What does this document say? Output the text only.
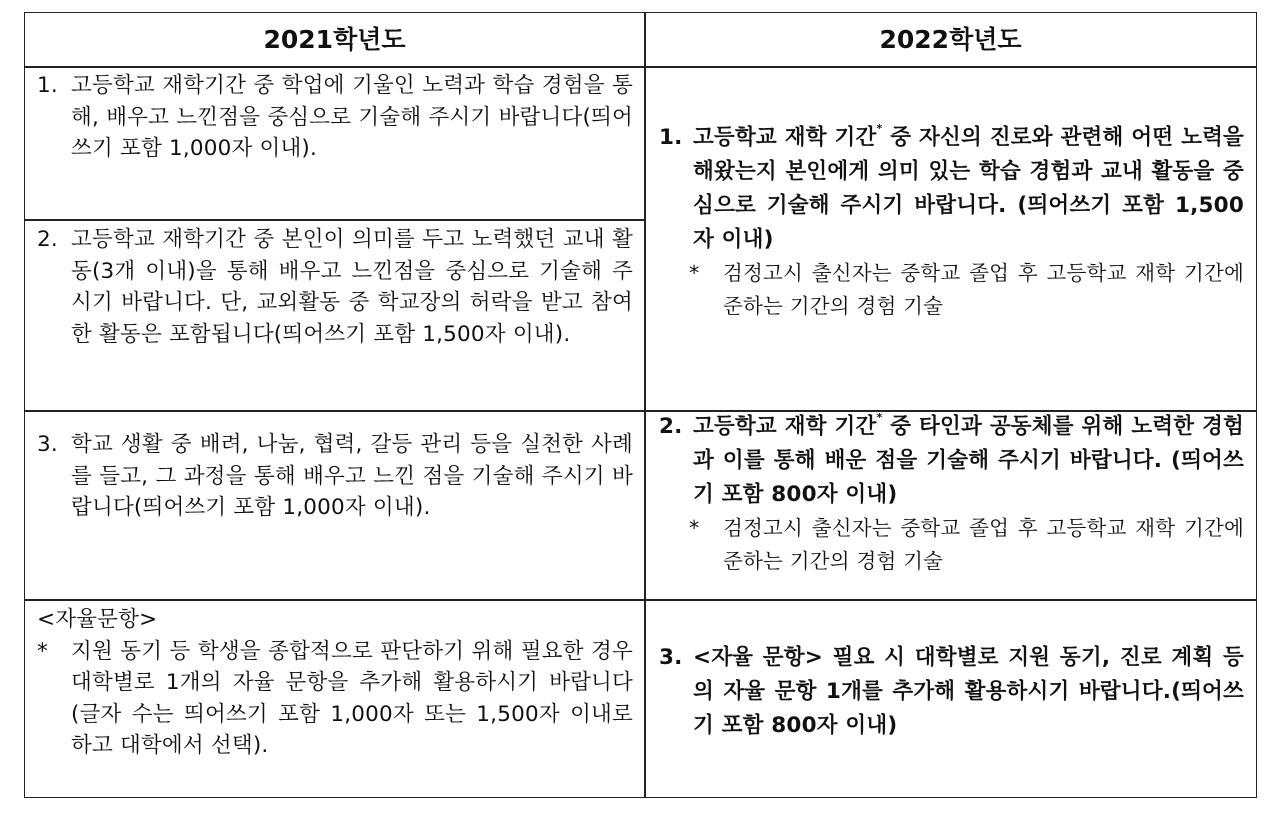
2021학년도	2022학년도
1. 고등학교 재학기간 중 학업에 기울인 노력과 학습 경험을 통해, 배우고 느낀점을 중심으로 기술해 주시기 바랍니다(띄어쓰기 포함 1,000자 이내).
2. 고등학교 재학기간 중 본인이 의미를 두고 노력했던 교내 활동(3개 이내)을 통해 배우고 느낀점을 중심으로 기술해 주시기 바랍니다. 단, 교외활동 중 학교장의 허락을 받고 참여한 활동은 포함됩니다(띄어쓰기 포함 1,500자 이내).
3. 학교 생활 중 배려, 나눔, 협력, 갈등 관리 등을 실천한 사례를 들고, 그 과정을 통해 배우고 느낀 점을 기술해 주시기 바랍니다(띄어쓰기 포함 1,000자 이내).
<자율문항>
* 지원 동기 등 학생을 종합적으로 판단하기 위해 필요한 경우 대학별로 1개의 자율 문항을 추가해 활용하시기 바랍니다(글자 수는 띄어쓰기 포함 1,000자 또는 1,500자 이내로 하고 대학에서 선택).
1. 고등학교 재학 기간* 중 자신의 진로와 관련해 어떤 노력을 해왔는지 본인에게 의미 있는 학습 경험과 교내 활동을 중심으로 기술해 주시기 바랍니다. (띄어쓰기 포함 1,500자 이내)
* 검정고시 출신자는 중학교 졸업 후 고등학교 재학 기간에 준하는 기간의 경험 기술
2. 고등학교 재학 기간* 중 타인과 공동체를 위해 노력한 경험과 이를 통해 배운 점을 기술해 주시기 바랍니다. (띄어쓰기 포함 800자 이내)
* 검정고시 출신자는 중학교 졸업 후 고등학교 재학 기간에 준하는 기간의 경험 기술
3. <자율 문항> 필요 시 대학별로 지원 동기, 진로 계획 등의 자율 문항 1개를 추가해 활용하시기 바랍니다.(띄어쓰기 포함 800자 이내)
